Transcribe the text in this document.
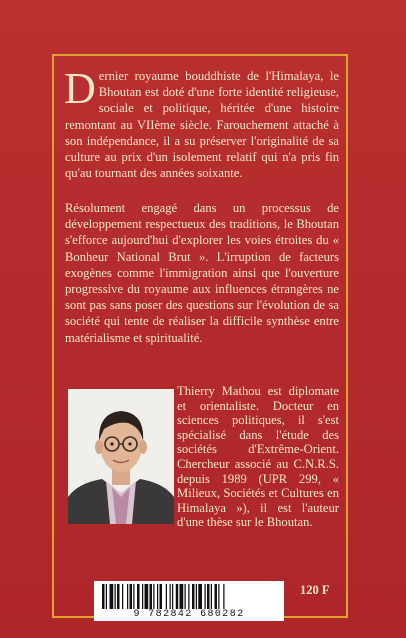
Dernier royaume bouddhiste de l'Himalaya, le Bhoutan est doté d'une forte identité religieuse, sociale et politique, héritée d'une histoire remontant au VIIème siècle. Farouchement attaché à son indépendance, il a su préserver l'originalité de sa culture au prix d'un isolement relatif qui n'a pris fin qu'au tournant des années soixante.

Résolument engagé dans un processus de développement respectueux des traditions, le Bhoutan s'efforce aujourd'hui d'explorer les voies étroites du « Bonheur National Brut ». L'irruption de facteurs exogènes comme l'immigration ainsi que l'ouverture progressive du royaume aux influences étrangères ne sont pas sans poser des questions sur l'évolution de sa société qui tente de réaliser la difficile synthèse entre matérialisme et spiritualité.

Thierry Mathou est diplomate et orientaliste. Docteur en sciences politiques, il s'est spécialisé dans l'étude des sociétés d'Extrême-Orient. Chercheur associé au C.N.R.S. depuis 1989 (UPR 299, « Milieux, Sociétés et Cultures en Himalaya »), il est l'auteur d'une thèse sur le Bhoutan.

9 782842 680282
120 F
